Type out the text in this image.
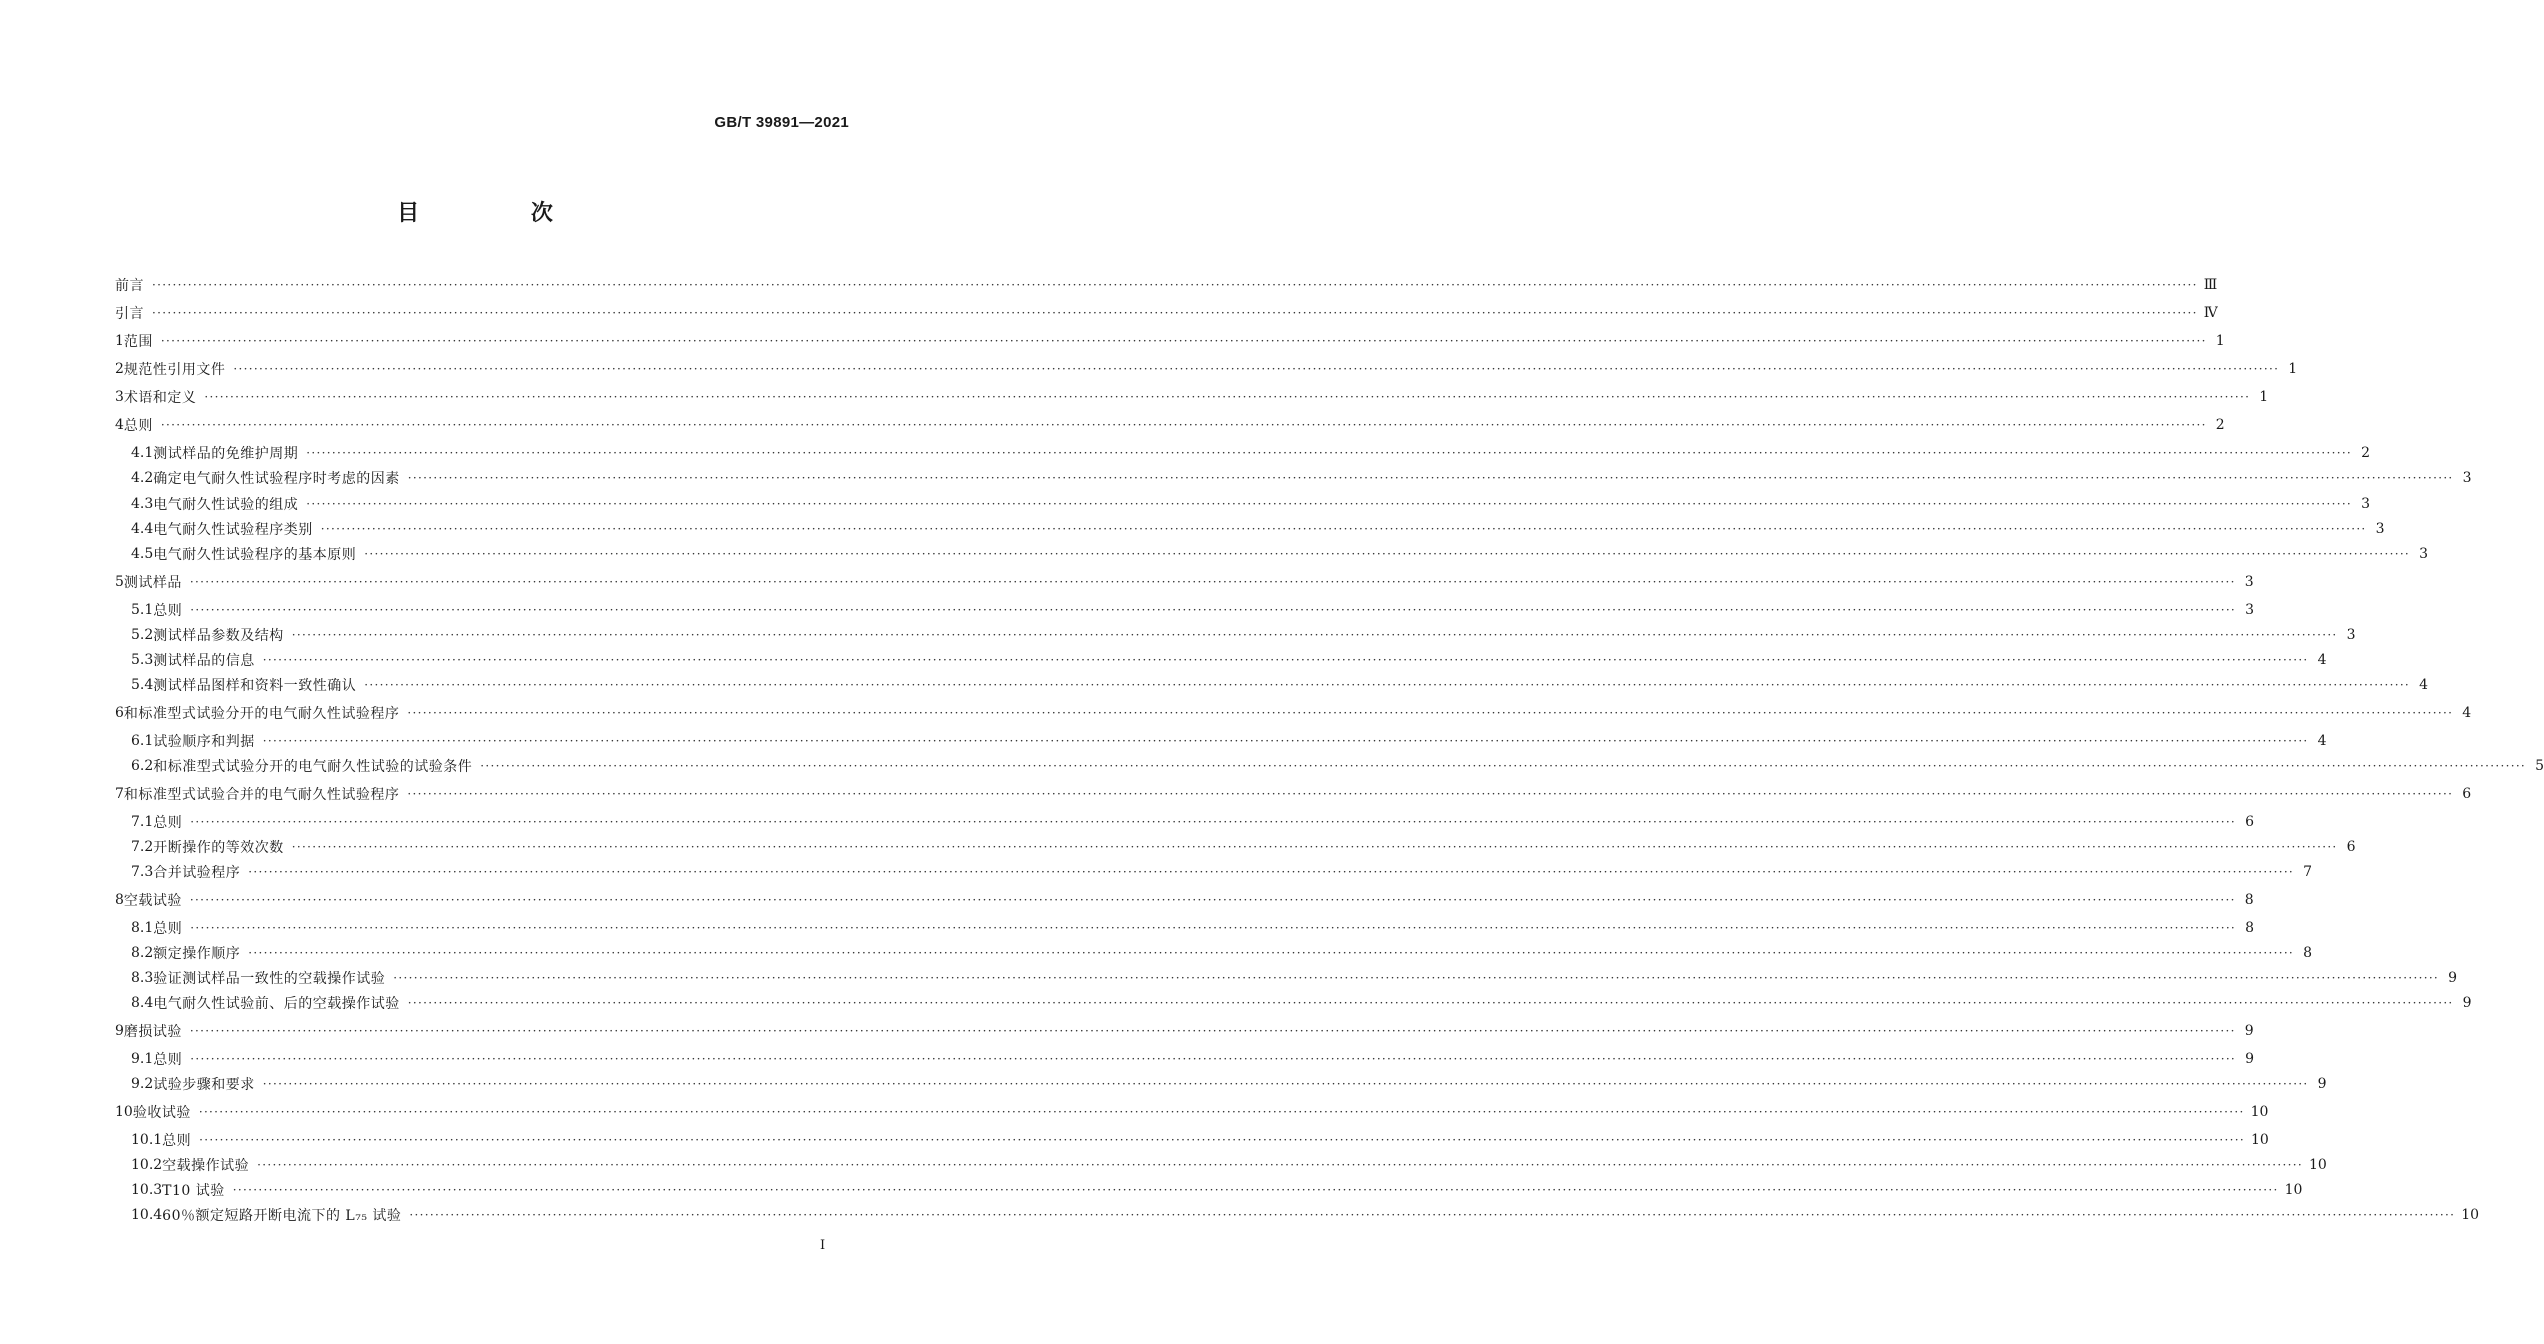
GB/T 39891—2021
目 次
前言 ················································································································································································································································································································································································································ Ⅲ
引言 ················································································································································································································································································································································································································ Ⅳ
1 范围 ················································································································································································································································································································································································································ 1
2 规范性引用文件 ················································································································································································································································································································································································································ 1
3 术语和定义 ················································································································································································································································································································································································································ 1
4 总则 ················································································································································································································································································································································································································ 2
4.1 测试样品的免维护周期 ················································································································································································································································································································································································································ 2
4.2 确定电气耐久性试验程序时考虑的因素 ················································································································································································································································································································································································································ 3
4.3 电气耐久性试验的组成 ················································································································································································································································································································································································································ 3
4.4 电气耐久性试验程序类别 ················································································································································································································································································································································································································ 3
4.5 电气耐久性试验程序的基本原则 ················································································································································································································································································································································································································ 3
5 测试样品 ················································································································································································································································································································································································································ 3
5.1 总则 ················································································································································································································································································································································································································ 3
5.2 测试样品参数及结构 ················································································································································································································································································································································································································ 3
5.3 测试样品的信息 ················································································································································································································································································································································································································ 4
5.4 测试样品图样和资料一致性确认 ················································································································································································································································································································································································································ 4
6 和标准型式试验分开的电气耐久性试验程序 ················································································································································································································································································································································································································ 4
6.1 试验顺序和判据 ················································································································································································································································································································································································································ 4
6.2 和标准型式试验分开的电气耐久性试验的试验条件 ················································································································································································································································································································································································································ 5
7 和标准型式试验合并的电气耐久性试验程序 ················································································································································································································································································································································································································ 6
7.1 总则 ················································································································································································································································································································································································································ 6
7.2 开断操作的等效次数 ················································································································································································································································································································································································································ 6
7.3 合并试验程序 ················································································································································································································································································································································································································ 7
8 空载试验 ················································································································································································································································································································································································································ 8
8.1 总则 ················································································································································································································································································································································································································ 8
8.2 额定操作顺序 ················································································································································································································································································································································································································ 8
8.3 验证测试样品一致性的空载操作试验 ················································································································································································································································································································································································································ 9
8.4 电气耐久性试验前、后的空载操作试验 ················································································································································································································································································································································································································ 9
9 磨损试验 ················································································································································································································································································································································································································ 9
9.1 总则 ················································································································································································································································································································································································································ 9
9.2 试验步骤和要求 ················································································································································································································································································································································································································ 9
10 验收试验 ················································································································································································································································································································································································································ 10
10.1 总则 ················································································································································································································································································································································································································ 10
10.2 空载操作试验 ················································································································································································································································································································································································································ 10
10.3 T10 试验 ················································································································································································································································································································································································································ 10
10.4 60％额定短路开断电流下的 L₇₅ 试验 ················································································································································································································································································································································································································ 10
I
